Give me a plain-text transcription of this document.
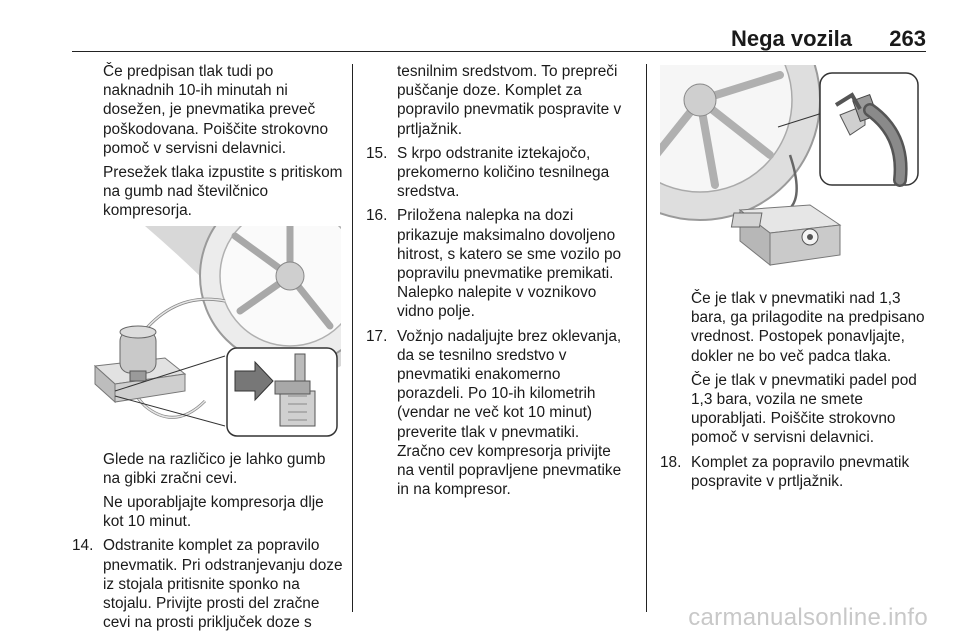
Nega vozila 263

Če predpisan tlak tudi po naknadnih 10-ih minutah ni dosežen, je pnevmatika preveč poškodovana. Poiščite strokovno pomoč v servisni delavnici.

Presežek tlaka izpustite s pritiskom na gumb nad številčnico kompresorja.

Glede na različico je lahko gumb na gibki zračni cevi.

Ne uporabljajte kompresorja dlje kot 10 minut.

14. Odstranite komplet za popravilo pnevmatik. Pri odstranjevanju doze iz stojala pritisnite sponko na stojalu. Privijte prosti del zračne cevi na prosti priključek doze s

tesnilnim sredstvom. To prepreči puščanje doze. Komplet za popravilo pnevmatik pospravite v prtljažnik.

15. S krpo odstranite iztekajočo, prekomerno količino tesnilnega sredstva.
16. Priložena nalepka na dozi prikazuje maksimalno dovoljeno hitrost, s katero se sme vozilo po popravilu pnevmatike premikati. Nalepko nalepite v voznikovo vidno polje.
17. Vožnjo nadaljujte brez oklevanja, da se tesnilno sredstvo v pnevmatiki enakomerno porazdeli. Po 10-ih kilometrih (vendar ne več kot 10 minut) preverite tlak v pnevmatiki. Zračno cev kompresorja privijte na ventil popravljene pnevmatike in na kompresor.

Če je tlak v pnevmatiki nad 1,3 bara, ga prilagodite na predpisano vrednost. Postopek ponavljajte, dokler ne bo več padca tlaka.

Če je tlak v pnevmatiki padel pod 1,3 bara, vozila ne smete uporabljati. Poiščite strokovno pomoč v servisni delavnici.

18. Komplet za popravilo pnevmatik pospravite v prtljažnik.
carmanualsonline.info
